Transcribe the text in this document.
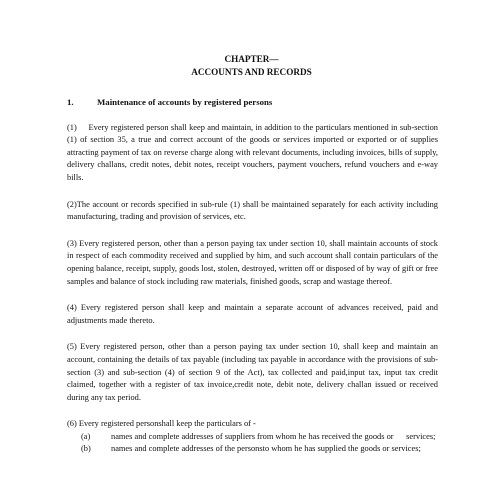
CHAPTER—
ACCOUNTS AND RECORDS
1.	Maintenance of accounts by registered persons

(1)     Every registered person shall keep and maintain, in addition to the particulars mentioned in sub-section (1) of section 35, a true and correct account of the goods or services imported or exported or of supplies attracting payment of tax on reverse charge along with relevant documents, including invoices, bills of supply, delivery challans, credit notes, debit notes, receipt vouchers, payment vouchers, refund vouchers and e-way bills.

(2)The account or records specified in sub-rule (1) shall be maintained separately for each activity including manufacturing, trading and provision of services, etc.

(3) Every registered person, other than a person paying tax under section 10, shall maintain accounts of stock in respect of each commodity received and supplied by him, and such account shall contain particulars of the opening balance, receipt, supply, goods lost, stolen, destroyed, written off or disposed of by way of gift or free samples and balance of stock including raw materials, finished goods, scrap and wastage thereof.

(4) Every registered person shall keep and maintain a separate account of advances received, paid and adjustments made thereto.

(5) Every registered person, other than a person paying tax under section 10, shall keep and maintain an account, containing the details of tax payable (including tax payable in accordance with the provisions of sub-section (3) and sub-section (4) of section 9 of the Act), tax collected and paid,input tax, input tax credit claimed, together with a register of tax invoice,credit note, debit note, delivery challan issued or received during any tax period.

(6) Every registered personshall keep the particulars of -

(a)	names and complete addresses of suppliers from whom he has received the goods or      services;
(b)	names and complete addresses of the personsto whom he has supplied the goods or services;
